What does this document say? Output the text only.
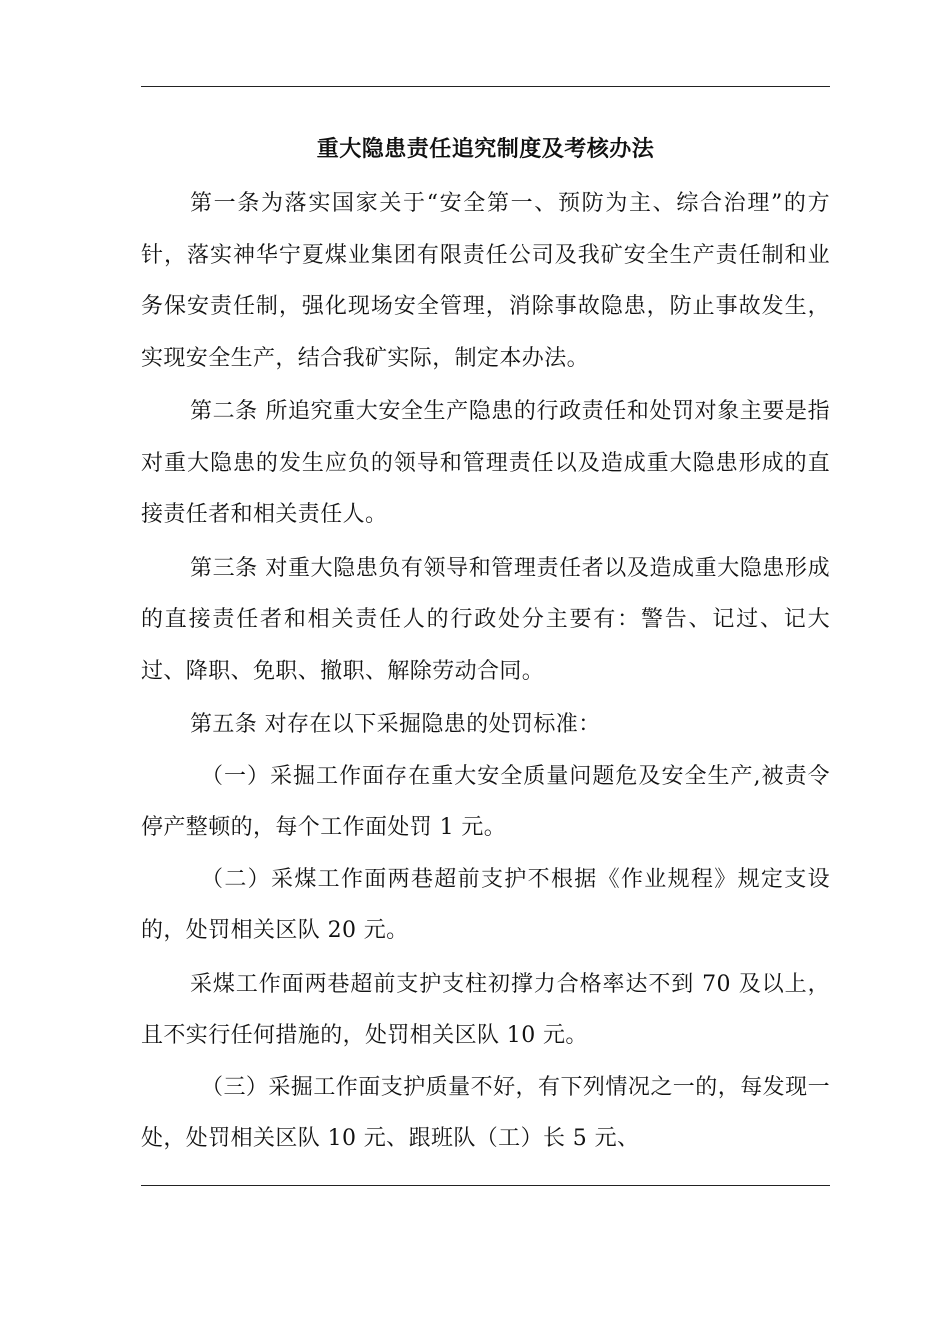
重大隐患责任追究制度及考核办法

第一条为落实国家关于“安全第一、预防为主、综合治理”的方针，落实神华宁夏煤业集团有限责任公司及我矿安全生产责任制和业务保安责任制，强化现场安全管理，消除事故隐患，防止事故发生，实现安全生产，结合我矿实际，制定本办法。

第二条 所追究重大安全生产隐患的行政责任和处罚对象主要是指对重大隐患的发生应负的领导和管理责任以及造成重大隐患形成的直接责任者和相关责任人。

第三条 对重大隐患负有领导和管理责任者以及造成重大隐患形成的直接责任者和相关责任人的行政处分主要有：警告、记过、记大过、降职、免职、撤职、解除劳动合同。

第五条 对存在以下采掘隐患的处罚标准：

（一）采掘工作面存在重大安全质量问题危及安全生产,被责令停产整顿的，每个工作面处罚 1 元。

（二）采煤工作面两巷超前支护不根据《作业规程》规定支设的，处罚相关区队 20 元。

采煤工作面两巷超前支护支柱初撑力合格率达不到 70 及以上，且不实行任何措施的，处罚相关区队 10 元。

（三）采掘工作面支护质量不好，有下列情况之一的，每发现一处，处罚相关区队 10 元、跟班队（工）长 5 元、
